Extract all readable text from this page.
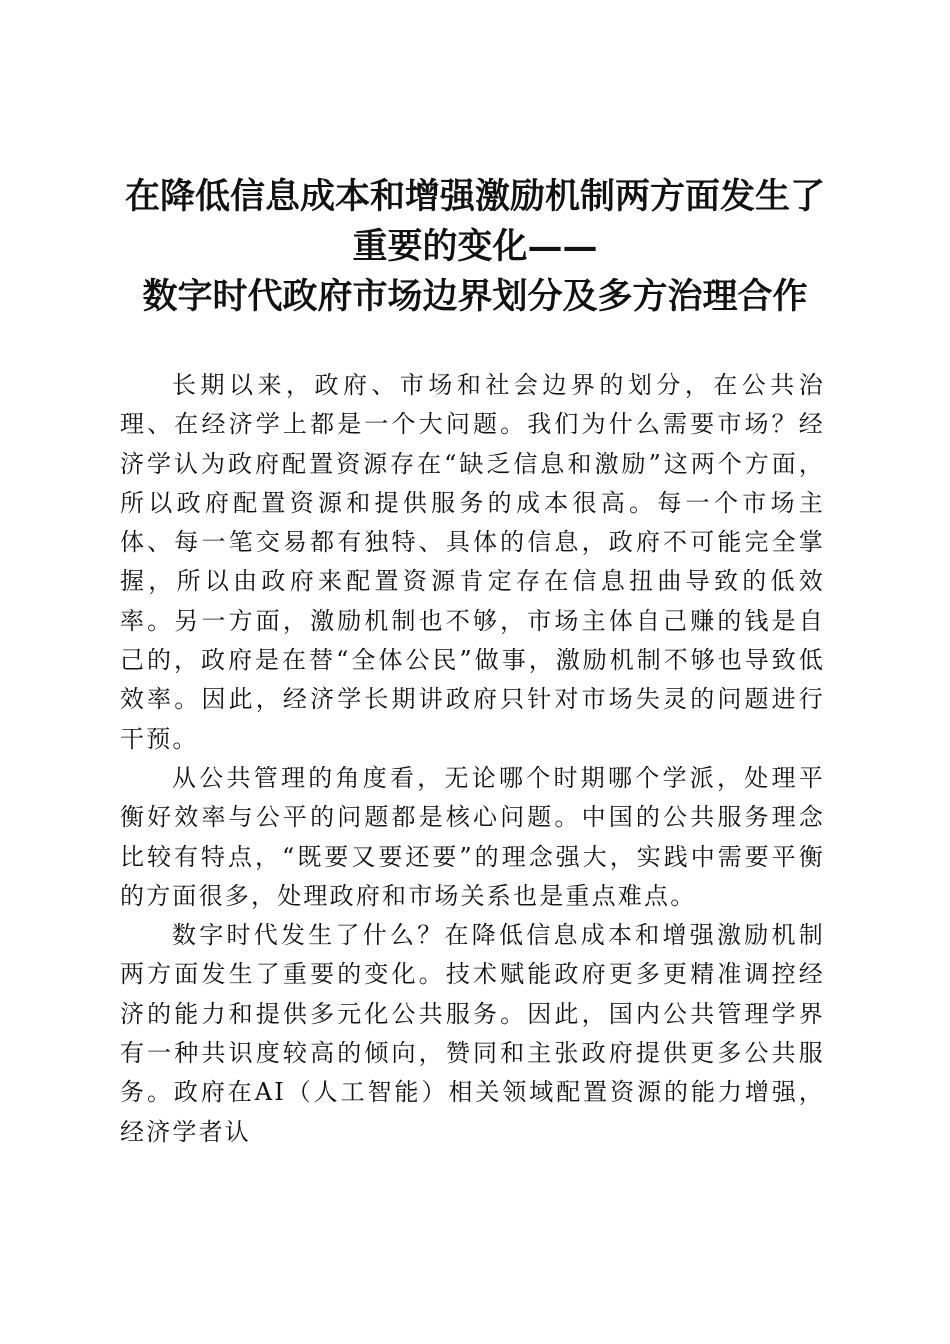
在降低信息成本和增强激励机制两方面发生了
重要的变化——
数字时代政府市场边界划分及多方治理合作

长期以来，政府、市场和社会边界的划分，在公共治理、在经济学上都是一个大问题。我们为什么需要市场？经济学认为政府配置资源存在“缺乏信息和激励”这两个方面，所以政府配置资源和提供服务的成本很高。每一个市场主体、每一笔交易都有独特、具体的信息，政府不可能完全掌握，所以由政府来配置资源肯定存在信息扭曲导致的低效率。另一方面，激励机制也不够，市场主体自己赚的钱是自己的，政府是在替“全体公民”做事，激励机制不够也导致低效率。因此，经济学长期讲政府只针对市场失灵的问题进行干预。

从公共管理的角度看，无论哪个时期哪个学派，处理平衡好效率与公平的问题都是核心问题。中国的公共服务理念比较有特点，“既要又要还要”的理念强大，实践中需要平衡的方面很多，处理政府和市场关系也是重点难点。

数字时代发生了什么？在降低信息成本和增强激励机制两方面发生了重要的变化。技术赋能政府更多更精准调控经济的能力和提供多元化公共服务。因此，国内公共管理学界有一种共识度较高的倾向，赞同和主张政府提供更多公共服务。政府在AI（人工智能）相关领域配置资源的能力增强，经济学者认
